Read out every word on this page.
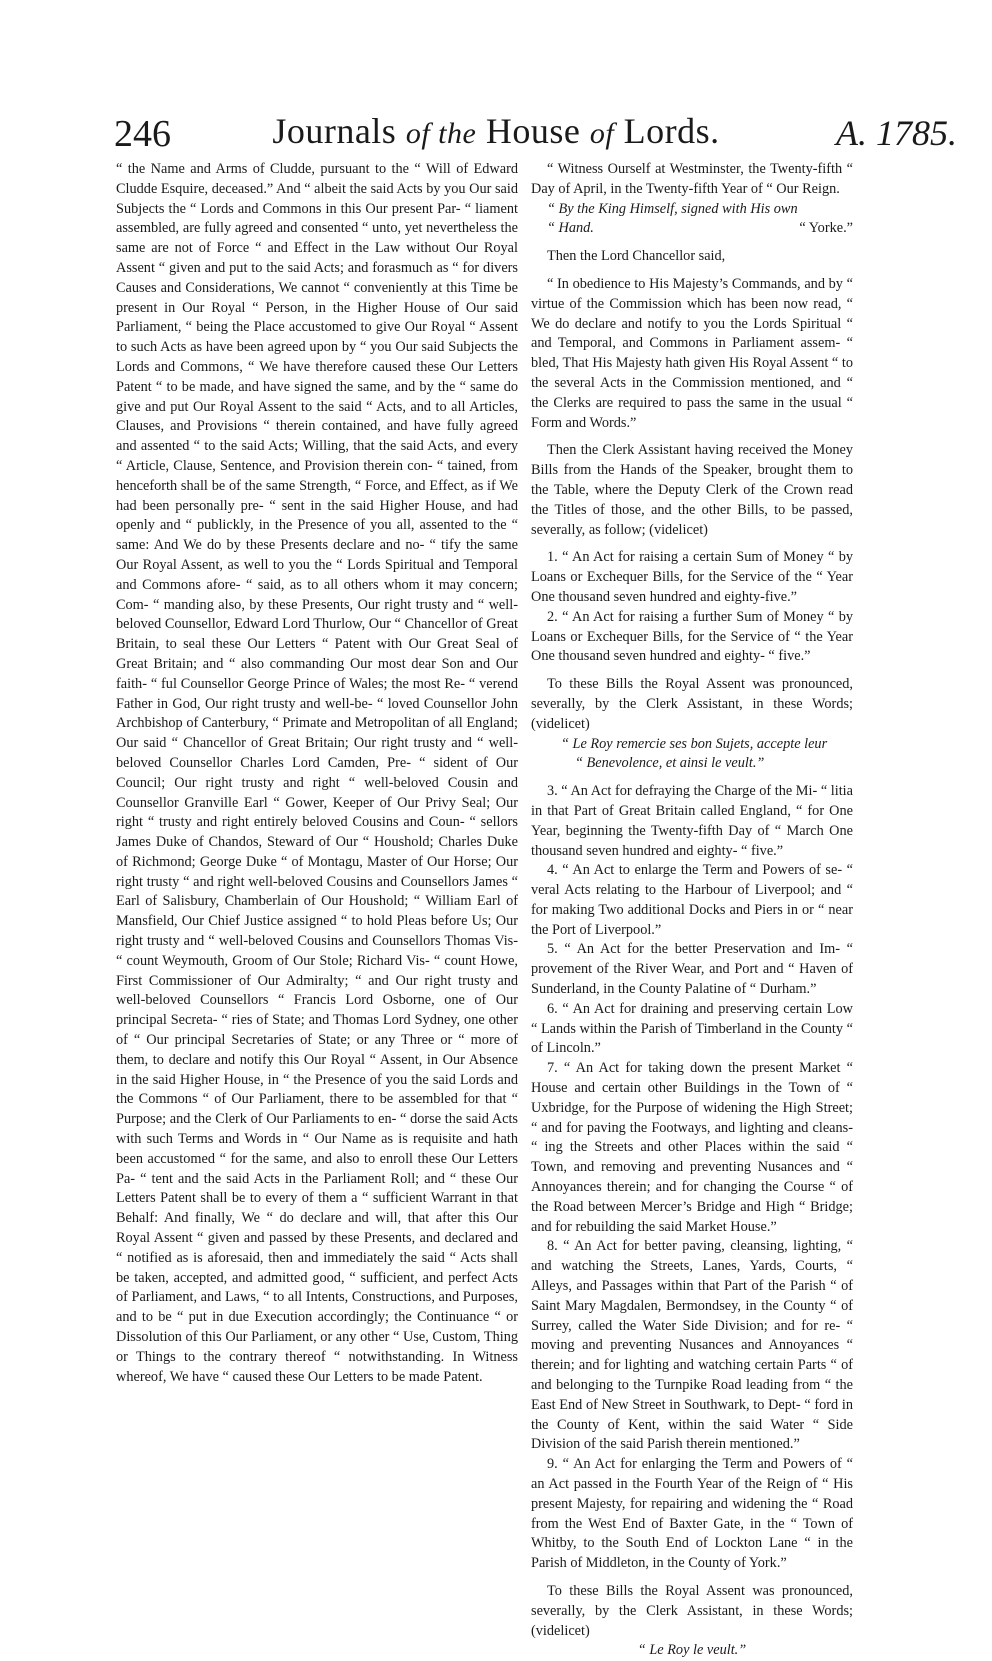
246	Journals of the House of Lords.	A. 1785.

“ the Name and Arms of Cludde, pursuant to the “ Will of Edward Cludde Esquire, deceased.” And “ albeit the said Acts by you Our said Subjects the “ Lords and Commons in this Our present Par- “ liament assembled, are fully agreed and consented “ unto, yet nevertheless the same are not of Force “ and Effect in the Law without Our Royal Assent “ given and put to the said Acts; and forasmuch as “ for divers Causes and Considerations, We cannot “ conveniently at this Time be present in Our Royal “ Person, in the Higher House of Our said Parliament, “ being the Place accustomed to give Our Royal “ Assent to such Acts as have been agreed upon by “ you Our said Subjects the Lords and Commons, “ We have therefore caused these Our Letters Patent “ to be made, and have signed the same, and by the “ same do give and put Our Royal Assent to the said “ Acts, and to all Articles, Clauses, and Provisions “ therein contained, and have fully agreed and assented “ to the said Acts; Willing, that the said Acts, and every “ Article, Clause, Sentence, and Provision therein con- “ tained, from henceforth shall be of the same Strength, “ Force, and Effect, as if We had been personally pre- “ sent in the said Higher House, and had openly and “ publickly, in the Presence of you all, assented to the “ same: And We do by these Presents declare and no- “ tify the same Our Royal Assent, as well to you the “ Lords Spiritual and Temporal and Commons afore- “ said, as to all others whom it may concern; Com- “ manding also, by these Presents, Our right trusty and “ well-beloved Counsellor, Edward Lord Thurlow, Our “ Chancellor of Great Britain, to seal these Our Letters “ Patent with Our Great Seal of Great Britain; and “ also commanding Our most dear Son and Our faith- “ ful Counsellor George Prince of Wales; the most Re- “ verend Father in God, Our right trusty and well-be- “ loved Counsellor John Archbishop of Canterbury, “ Primate and Metropolitan of all England; Our said “ Chancellor of Great Britain; Our right trusty and “ well-beloved Counsellor Charles Lord Camden, Pre- “ sident of Our Council; Our right trusty and right “ well-beloved Cousin and Counsellor Granville Earl “ Gower, Keeper of Our Privy Seal; Our right “ trusty and right entirely beloved Cousins and Coun- “ sellors James Duke of Chandos, Steward of Our “ Houshold; Charles Duke of Richmond; George Duke “ of Montagu, Master of Our Horse; Our right trusty “ and right well-beloved Cousins and Counsellors James “ Earl of Salisbury, Chamberlain of Our Houshold; “ William Earl of Mansfield, Our Chief Justice assigned “ to hold Pleas before Us; Our right trusty and “ well-beloved Cousins and Counsellors Thomas Vis- “ count Weymouth, Groom of Our Stole; Richard Vis- “ count Howe, First Commissioner of Our Admiralty; “ and Our right trusty and well-beloved Counsellors “ Francis Lord Osborne, one of Our principal Secreta- “ ries of State; and Thomas Lord Sydney, one other of “ Our principal Secretaries of State; or any Three or “ more of them, to declare and notify this Our Royal “ Assent, in Our Absence in the said Higher House, in “ the Presence of you the said Lords and the Commons “ of Our Parliament, there to be assembled for that “ Purpose; and the Clerk of Our Parliaments to en- “ dorse the said Acts with such Terms and Words in “ Our Name as is requisite and hath been accustomed “ for the same, and also to enroll these Our Letters Pa- “ tent and the said Acts in the Parliament Roll; and “ these Our Letters Patent shall be to every of them a “ sufficient Warrant in that Behalf: And finally, We “ do declare and will, that after this Our Royal Assent “ given and passed by these Presents, and declared and “ notified as is aforesaid, then and immediately the said “ Acts shall be taken, accepted, and admitted good, “ sufficient, and perfect Acts of Parliament, and Laws, “ to all Intents, Constructions, and Purposes, and to be “ put in due Execution accordingly; the Continuance “ or Dissolution of this Our Parliament, or any other “ Use, Custom, Thing or Things to the contrary thereof “ notwithstanding. In Witness whereof, We have “ caused these Our Letters to be made Patent.

“ Witness Ourself at Westminster, the Twenty-fifth “ Day of April, in the Twenty-fifth Year of “ Our Reign.

“ By the King Himself, signed with His own

“ Hand.	“ Yorke.”

Then the Lord Chancellor said,

“ In obedience to His Majesty’s Commands, and by “ virtue of the Commission which has been now read, “ We do declare and notify to you the Lords Spiritual “ and Temporal, and Commons in Parliament assem- “ bled, That His Majesty hath given His Royal Assent “ to the several Acts in the Commission mentioned, and “ the Clerks are required to pass the same in the usual “ Form and Words.”

Then the Clerk Assistant having received the Money Bills from the Hands of the Speaker, brought them to the Table, where the Deputy Clerk of the Crown read the Titles of those, and the other Bills, to be passed, severally, as follow; (videlicet)

1. “ An Act for raising a certain Sum of Money “ by Loans or Exchequer Bills, for the Service of the “ Year One thousand seven hundred and eighty-five.”

2. “ An Act for raising a further Sum of Money “ by Loans or Exchequer Bills, for the Service of “ the Year One thousand seven hundred and eighty- “ five.”

To these Bills the Royal Assent was pronounced, severally, by the Clerk Assistant, in these Words; (videlicet)

“ Le Roy remercie ses bon Sujets, accepte leur

“ Benevolence, et ainsi le veult.”

3. “ An Act for defraying the Charge of the Mi- “ litia in that Part of Great Britain called England, “ for One Year, beginning the Twenty-fifth Day of “ March One thousand seven hundred and eighty- “ five.”

4. “ An Act to enlarge the Term and Powers of se- “ veral Acts relating to the Harbour of Liverpool; and “ for making Two additional Docks and Piers in or “ near the Port of Liverpool.”

5. “ An Act for the better Preservation and Im- “ provement of the River Wear, and Port and “ Haven of Sunderland, in the County Palatine of “ Durham.”

6. “ An Act for draining and preserving certain Low “ Lands within the Parish of Timberland in the County “ of Lincoln.”

7. “ An Act for taking down the present Market “ House and certain other Buildings in the Town of “ Uxbridge, for the Purpose of widening the High Street; “ and for paving the Footways, and lighting and cleans- “ ing the Streets and other Places within the said “ Town, and removing and preventing Nusances and “ Annoyances therein; and for changing the Course “ of the Road between Mercer’s Bridge and High “ Bridge; and for rebuilding the said Market House.”

8. “ An Act for better paving, cleansing, lighting, “ and watching the Streets, Lanes, Yards, Courts, “ Alleys, and Passages within that Part of the Parish “ of Saint Mary Magdalen, Bermondsey, in the County “ of Surrey, called the Water Side Division; and for re- “ moving and preventing Nusances and Annoyances “ therein; and for lighting and watching certain Parts “ of and belonging to the Turnpike Road leading from “ the East End of New Street in Southwark, to Dept- “ ford in the County of Kent, within the said Water “ Side Division of the said Parish therein mentioned.”

9. “ An Act for enlarging the Term and Powers of “ an Act passed in the Fourth Year of the Reign of “ His present Majesty, for repairing and widening the “ Road from the West End of Baxter Gate, in the “ Town of Whitby, to the South End of Lockton Lane “ in the Parish of Middleton, in the County of York.”

To these Bills the Royal Assent was pronounced, severally, by the Clerk Assistant, in these Words; (videlicet)

“ Le Roy le veult.”
